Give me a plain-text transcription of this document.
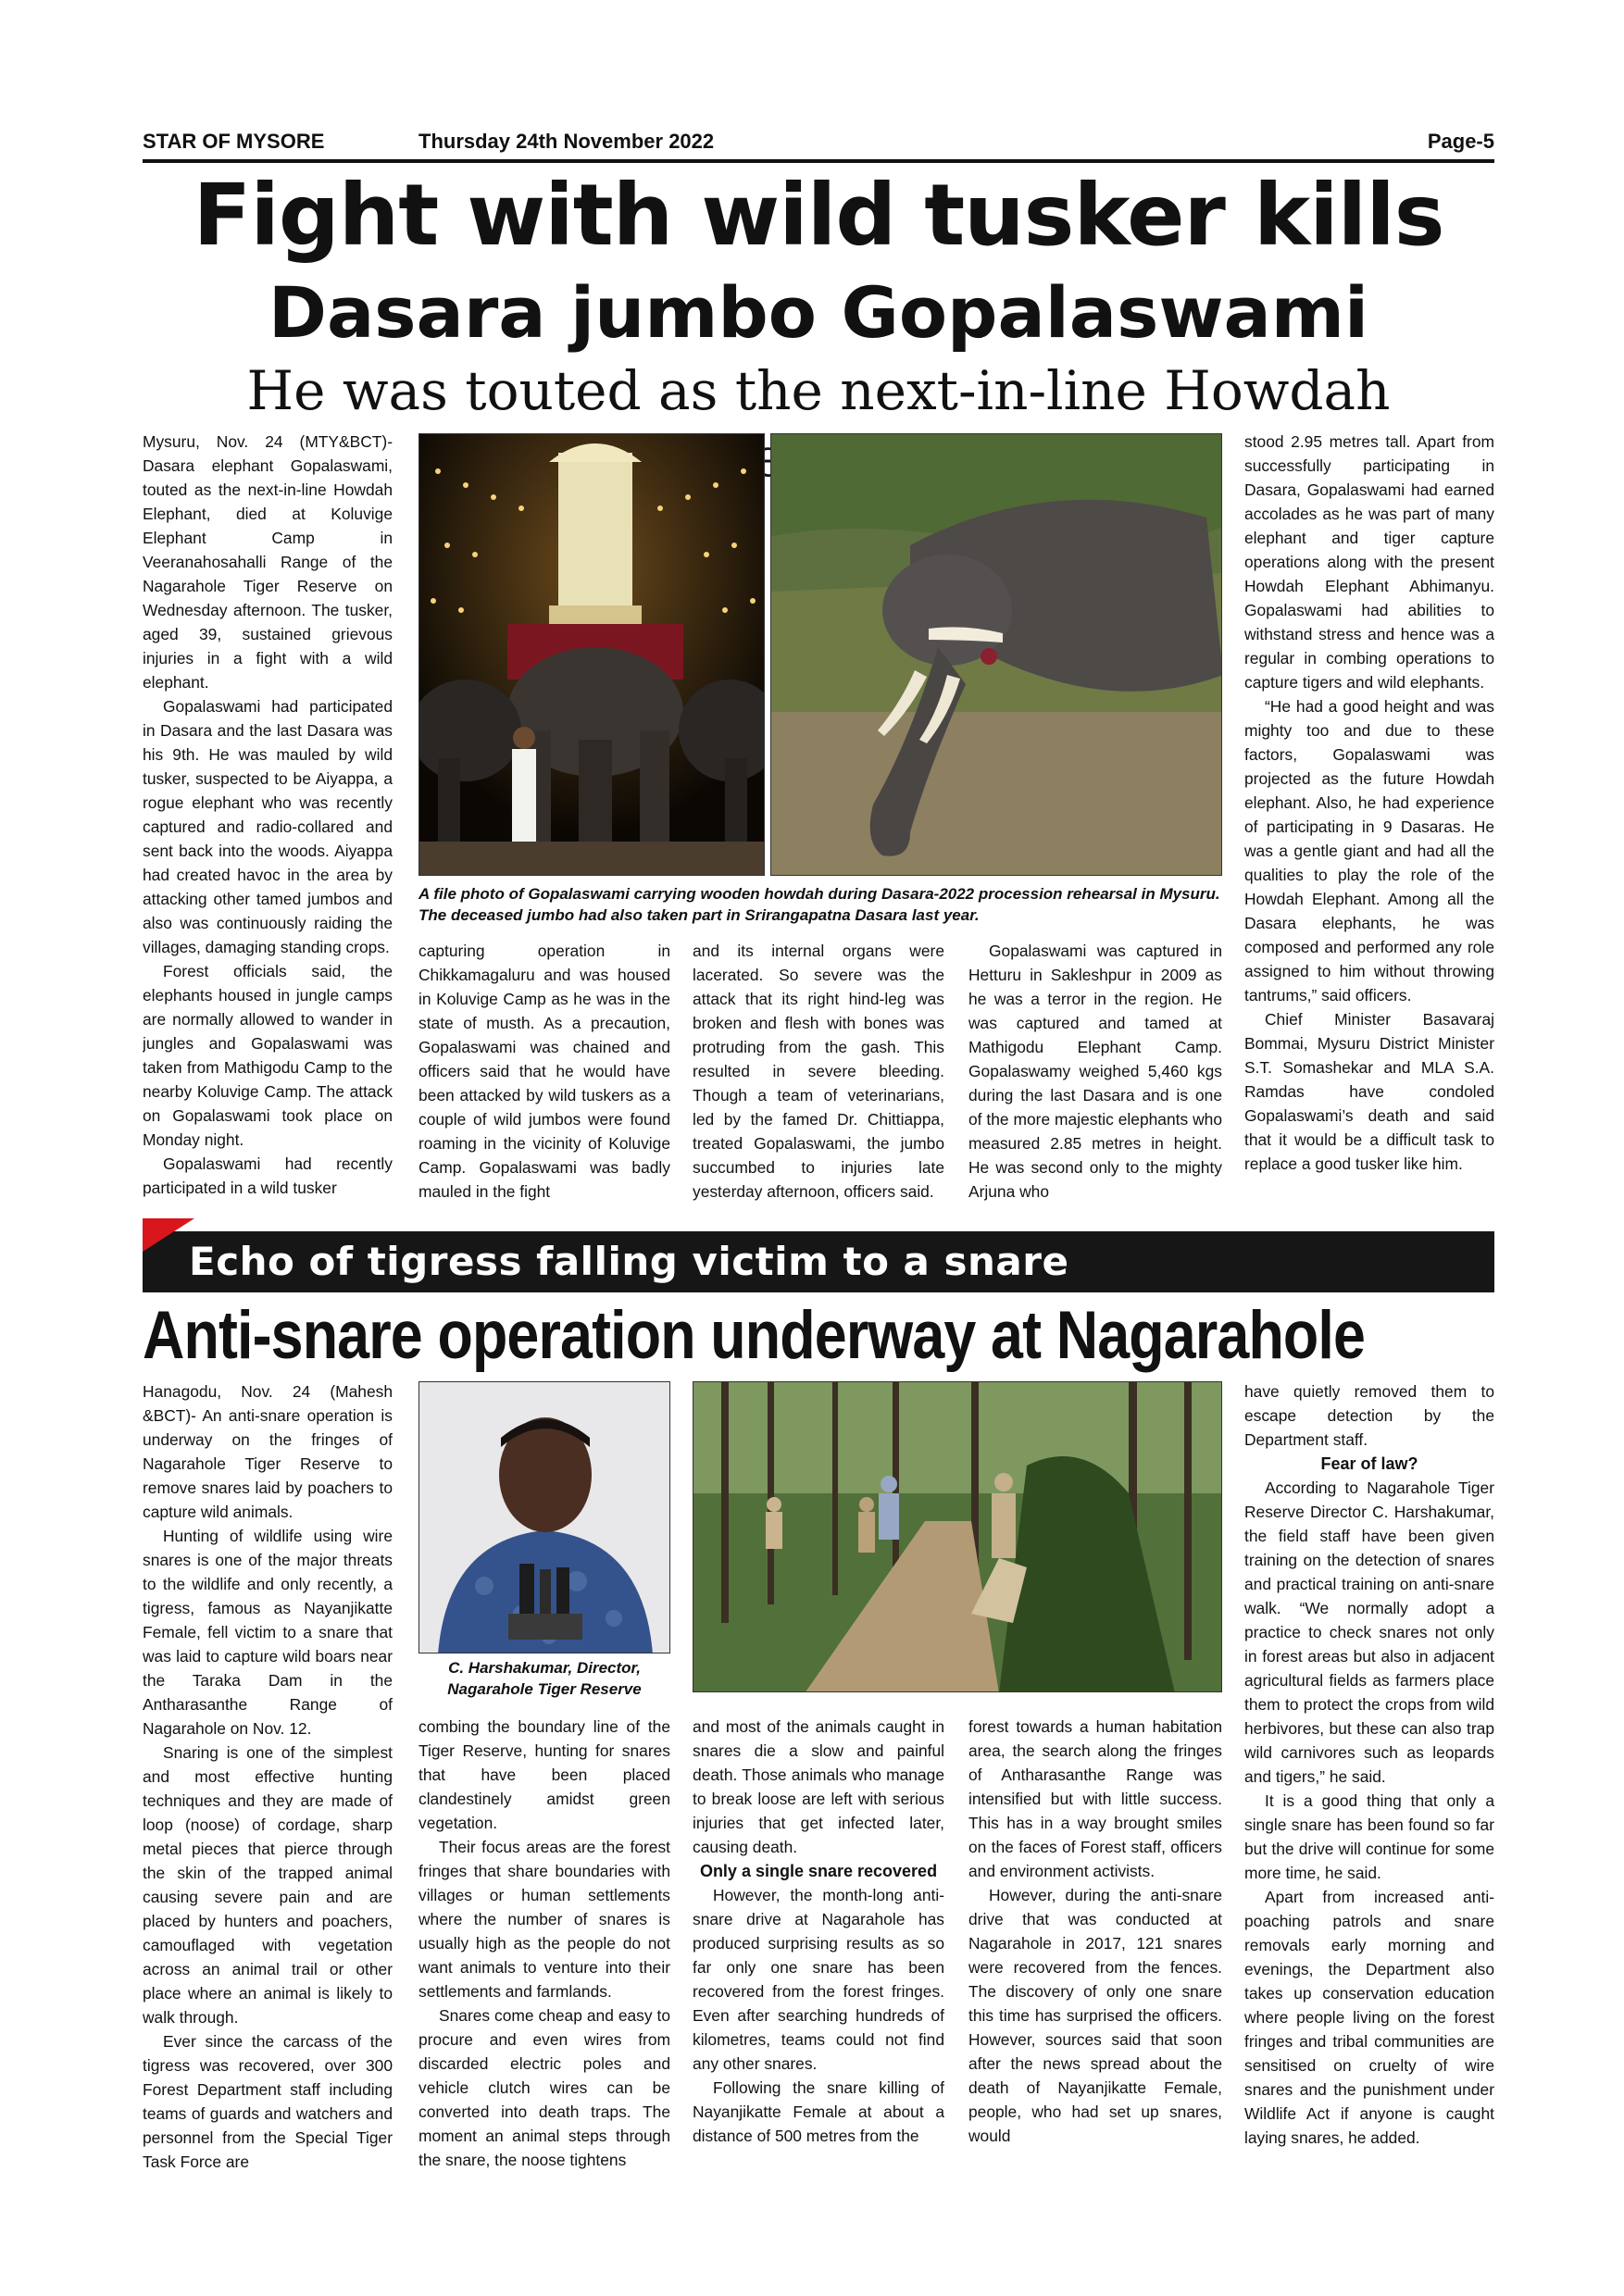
STAR OF MYSORE	Thursday 24th November 2022	Page-5
Fight with wild tusker kills
Dasara jumbo Gopalaswami
He was touted as the next-in-line Howdah

Mysuru, Nov. 24 (MTY&BCT)- Dasara elephant Gopalaswami, touted as the next-in-line Howdah Elephant, died at Koluvige Elephant Camp in Veeranahosahalli Range of the Nagarahole Tiger Reserve on Wednesday afternoon. The tusker, aged 39, sustained grievous injuries in a fight with a wild elephant.

Gopalaswami had participated in Dasara and the last Dasara was his 9th. He was mauled by wild tusker, suspected to be Aiyappa, a rogue elephant who was recently captured and radio-collared and sent back into the woods. Aiyappa had created havoc in the area by attacking other tamed jumbos and also was continuously raiding the villages, damaging standing crops.

Forest officials said, the elephants housed in jungle camps are normally allowed to wander in jungles and Gopalaswami was taken from Mathigodu Camp to the nearby Koluvige Camp. The attack on Gopalaswami took place on Monday night.

Gopalaswami had recently participated in a wild tusker

A file photo of Gopalaswami carrying wooden howdah during Dasara-2022 procession rehearsal in Mysuru. The deceased jumbo had also taken part in Srirangapatna Dasara last year.

capturing operation in Chikkamagaluru and was housed in Koluvige Camp as he was in the state of musth. As a precaution, Gopalaswami was chained and officers said that he would have been attacked by wild tuskers as a couple of wild jumbos were found roaming in the vicinity of Koluvige Camp. Gopalaswami was badly mauled in the fight

and its internal organs were lacerated. So severe was the attack that its right hind-leg was broken and flesh with bones was protruding from the gash. This resulted in severe bleeding. Though a team of veterinarians, led by the famed Dr. Chittiappa, treated Gopalaswami, the jumbo succumbed to injuries late yesterday afternoon, officers said.

Gopalaswami was captured in Hetturu in Sakleshpur in 2009 as he was a terror in the region. He was captured and tamed at Mathigodu Elephant Camp. Gopalaswamy weighed 5,460 kgs during the last Dasara and is one of the more majestic elephants who measured 2.85 metres in height. He was second only to the mighty Arjuna who

stood 2.95 metres tall. Apart from successfully participating in Dasara, Gopalaswami had earned accolades as he was part of many elephant and tiger capture operations along with the present Howdah Elephant Abhimanyu. Gopalaswami had abilities to withstand stress and hence was a regular in combing operations to capture tigers and wild elephants.

“He had a good height and was mighty too and due to these factors, Gopalaswami was projected as the future Howdah elephant. Also, he had experience of participating in 9 Dasaras. He was a gentle giant and had all the qualities to play the role of the Howdah Elephant. Among all the Dasara elephants, he was composed and performed any role assigned to him without throwing tantrums,” said officers.

Chief Minister Basavaraj Bommai, Mysuru District Minister S.T. Somashekar and MLA S.A. Ramdas have condoled Gopalaswami’s death and said that it would be a difficult task to replace a good tusker like him.

Echo of tigress falling victim to a snare
Anti-snare operation underway at Nagarahole

Hanagodu, Nov. 24 (Mahesh &BCT)- An anti-snare operation is underway on the fringes of Nagarahole Tiger Reserve to remove snares laid by poachers to capture wild animals.

Hunting of wildlife using wire snares is one of the major threats to the wildlife and only recently, a tigress, famous as Nayanjikatte Female, fell victim to a snare that was laid to capture wild boars near the Taraka Dam in the Antharasanthe Range of Nagarahole on Nov. 12.

Snaring is one of the simplest and most effective hunting techniques and they are made of loop (noose) of cordage, sharp metal pieces that pierce through the skin of the trapped animal causing severe pain and are placed by hunters and poachers, camouflaged with vegetation across an animal trail or other place where an animal is likely to walk through.

Ever since the carcass of the tigress was recovered, over 300 Forest Department staff including teams of guards and watchers and personnel from the Special Tiger Task Force are

C. Harshakumar, Director,
Nagarahole Tiger Reserve

combing the boundary line of the Tiger Reserve, hunting for snares that have been placed clandestinely amidst green vegetation.

Their focus areas are the forest fringes that share boundaries with villages or human settlements where the number of snares is usually high as the people do not want animals to venture into their settlements and farmlands.

Snares come cheap and easy to procure and even wires from discarded electric poles and vehicle clutch wires can be converted into death traps. The moment an animal steps through the snare, the noose tightens

and most of the animals caught in snares die a slow and painful death. Those animals who manage to break loose are left with serious injuries that get infected later, causing death.

Only a single snare recovered

However, the month-long anti-snare drive at Nagarahole has produced surprising results as so far only one snare has been recovered from the forest fringes. Even after searching hundreds of kilometres, teams could not find any other snares.

Following the snare killing of Nayanjikatte Female at about a distance of 500 metres from the

forest towards a human habitation area, the search along the fringes of Antharasanthe Range was intensified but with little success. This has in a way brought smiles on the faces of Forest staff, officers and environment activists.

However, during the anti-snare drive that was conducted at Nagarahole in 2017, 121 snares were recovered from the fences. The discovery of only one snare this time has surprised the officers. However, sources said that soon after the news spread about the death of Nayanjikatte Female, people, who had set up snares, would

have quietly removed them to escape detection by the Department staff.

Fear of law?

According to Nagarahole Tiger Reserve Director C. Harshakumar, the field staff have been given training on the detection of snares and practical training on anti-snare walk. “We normally adopt a practice to check snares not only in forest areas but also in adjacent agricultural fields as farmers place them to protect the crops from wild herbivores, but these can also trap wild carnivores such as leopards and tigers,” he said.

It is a good thing that only a single snare has been found so far but the drive will continue for some more time, he said.

Apart from increased anti-poaching patrols and snare removals early morning and evenings, the Department also takes up conservation education where people living on the forest fringes and tribal communities are sensitised on cruelty of wire snares and the punishment under Wildlife Act if anyone is caught laying snares, he added.
